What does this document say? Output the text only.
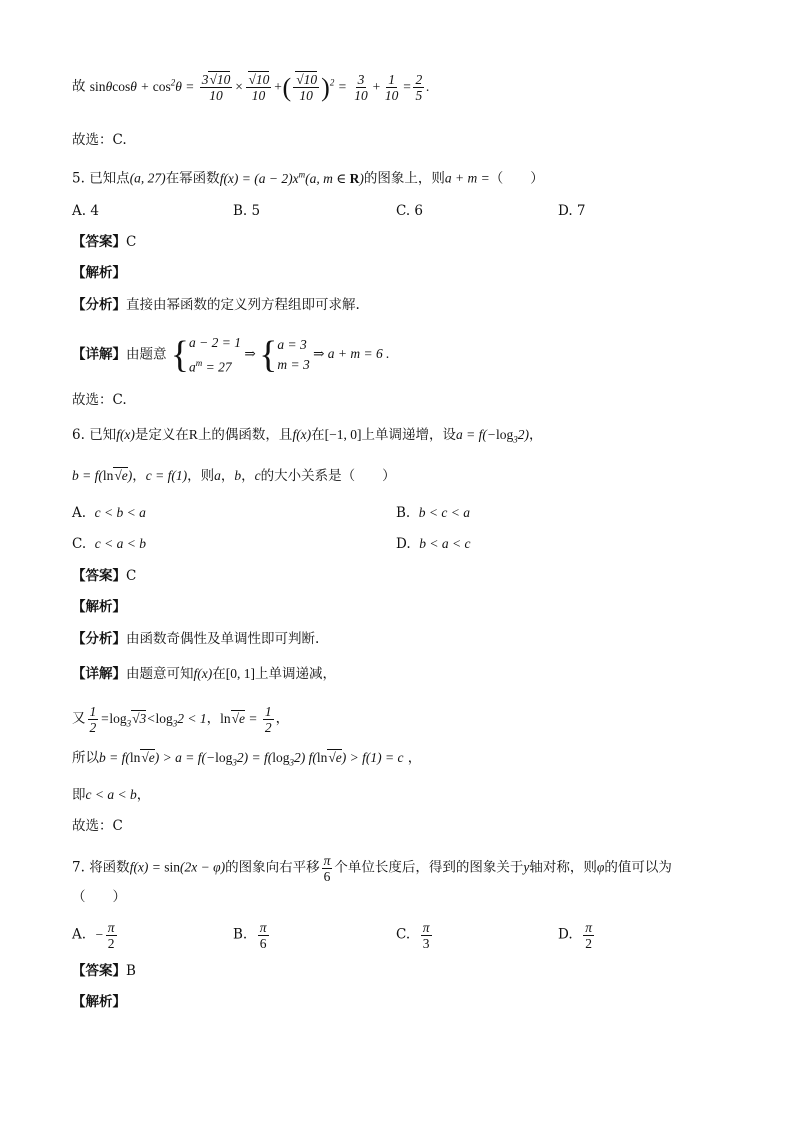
故 $\sin\theta\cos\theta + \cos^2\theta = \frac{3√10}{10} \times \frac{√10}{10}$ +( $\frac{√10}{10} )^2 = \frac{3}{10} + \frac{1}{10} = \frac{2}{5}$ .
故选：C.
5. 已知点(a, 27)在幂函数$f(x) = (a - 2)x^m(a$, m ∈ R)的图象上，则a + m =（　　）
A. 4	B. 5	C. 6	D. 7
【答案】C
【解析】
【分析】直接由幂函数的定义列方程组即可求解.
【详解】由题意 { a − 2 = 1
$a^m = 27$
⇒ { a = 3
m = 3
⇒ a + m = 6 .
故选：C.
6. 已知f(x)是定义在R上的偶函数，且f(x)在[−1, 0]上单调递增，设$a = f(-\log_32)$，
b = f(ln√e)，c = f(1)，则a，b，c的大小关系是（　　）
A.  c < b < a	B.  b < c < a
C.  c < a < b	D.  b < a < c
【答案】C
【解析】
【分析】由函数奇偶性及单调性即可判断.
【详解】由题意可知f(x)在[0, 1]上单调递减，
又 $\frac{1}{2} =\log_3√3<\log_32 < 1$，$\ln√e = \frac{1}{2}$ ，
所以$b = f(\ln√e) > a = f(-\log_32) = f(\log_32) f(\ln√e) > f(1) = c$ ，
即c < a < b，
故选：C
7. 将函数f(x) = sin(2x − φ)的图象向右平移 $\frac{\pi}{6}$ 个单位长度后，得到的图象关于y轴对称，则φ的值可以为
（　　）
A.  − $\frac{\pi}{2}$	B. $\frac{\pi}{6}$	C. $\frac{\pi}{3}$	D. $\frac{\pi}{2}$
【答案】B
【解析】
